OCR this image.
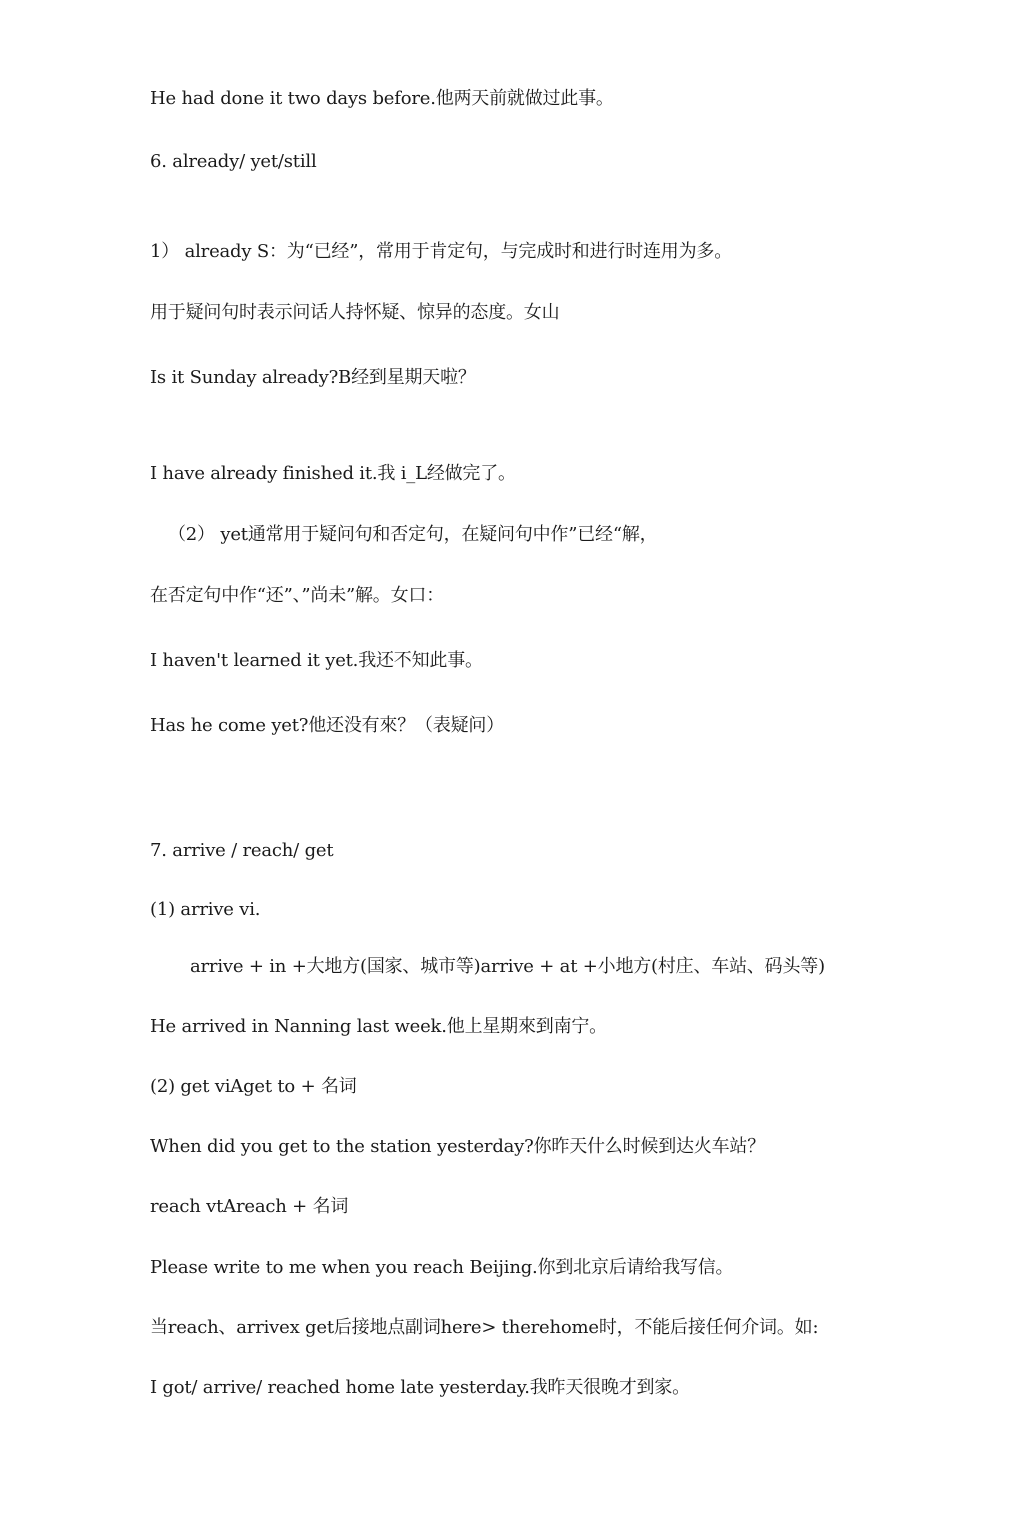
He had done it two days before.他两天前就做过此事。
6. already/ yet/still
1） already S：为“已经”，常用于肯定句，与完成时和进行时连用为多。
用于疑问句时表示问话人持怀疑、惊异的态度。女山
Is it Sunday already?B经到星期天啦？
I have already finished it.我 i_L经做完了。
（2） yet通常用于疑问句和否定句，在疑问句中作”已经“解，
在否定句中作“还”、”尚未”解。女口：
I haven't learned it yet.我还不知此事。
Has he come yet?他还没有來？（表疑问）
7. arrive / reach/ get
(1) arrive vi.
arrive + in +大地方(国家、城市等)arrive + at +小地方(村庄、车站、码头等)
He arrived in Nanning last week.他上星期來到南宁。
(2) get viAget to + 名词
When did you get to the station yesterday?你昨天什么时候到达火车站？
reach vtAreach + 名词
Please write to me when you reach Beijing.你到北京后请给我写信。
当reach、arrivex get后接地点副词here> therehome时，不能后接任何介词。如:
I got/ arrive/ reached home late yesterday.我昨天很晚才到家。
